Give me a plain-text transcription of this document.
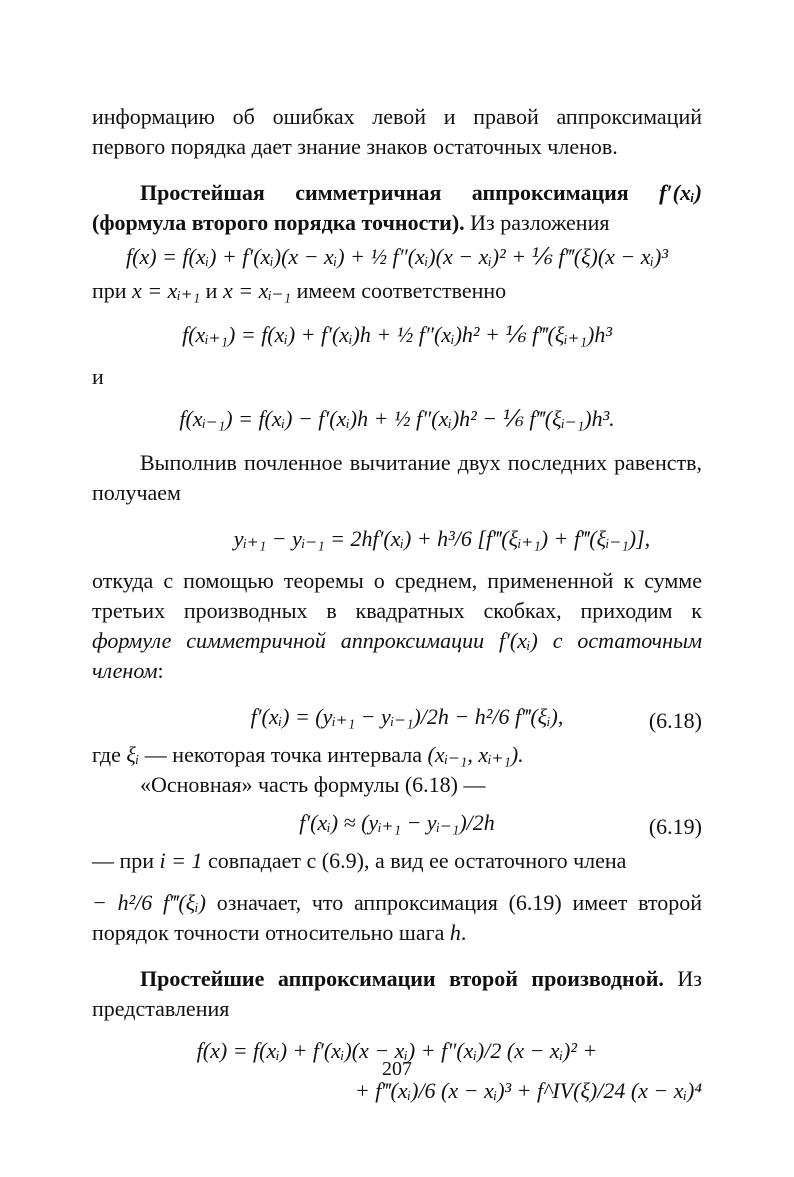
информацию об ошибках левой и правой аппроксимаций первого порядка дает знание знаков остаточных членов.

Простейшая симметричная аппроксимация f′(xᵢ) (формула второго порядка точности). Из разложения

f(x) = f(xᵢ) + f′(xᵢ)(x − xᵢ) + ½ f″(xᵢ)(x − xᵢ)² + ⅙ f‴(ξ)(x − xᵢ)³

при x = xᵢ₊₁ и x = xᵢ₋₁ имеем соответственно

f(xᵢ₊₁) = f(xᵢ) + f′(xᵢ)h + ½ f″(xᵢ)h² + ⅙ f‴(ξᵢ₊₁)h³

и

f(xᵢ₋₁) = f(xᵢ) − f′(xᵢ)h + ½ f″(xᵢ)h² − ⅙ f‴(ξᵢ₋₁)h³.

Выполнив почленное вычитание двух последних равенств, получаем

yᵢ₊₁ − yᵢ₋₁ = 2hf′(xᵢ) + h³/6 [f‴(ξᵢ₊₁) + f‴(ξᵢ₋₁)],

откуда с помощью теоремы о среднем, примененной к сумме третьих производных в квадратных скобках, приходим к формуле симметричной аппроксимации f′(xᵢ) с остаточным членом:

f′(xᵢ) = (yᵢ₊₁ − yᵢ₋₁)/2h − h²/6 f‴(ξᵢ),	(6.18)

где ξᵢ — некоторая точка интервала (xᵢ₋₁, xᵢ₊₁).

«Основная» часть формулы (6.18) —

f′(xᵢ) ≈ (yᵢ₊₁ − yᵢ₋₁)/2h	(6.19)

— при i = 1 совпадает с (6.9), а вид ее остаточного члена

− h²/6 f‴(ξᵢ) означает, что аппроксимация (6.19) имеет второй порядок точности относительно шага h.

Простейшие аппроксимации второй производной. Из представления

f(x) = f(xᵢ) + f′(xᵢ)(x − xᵢ) + f″(xᵢ)/2 (x − xᵢ)² +
+ f‴(xᵢ)/6 (x − xᵢ)³ + f^IV(ξ)/24 (x − xᵢ)⁴
207
